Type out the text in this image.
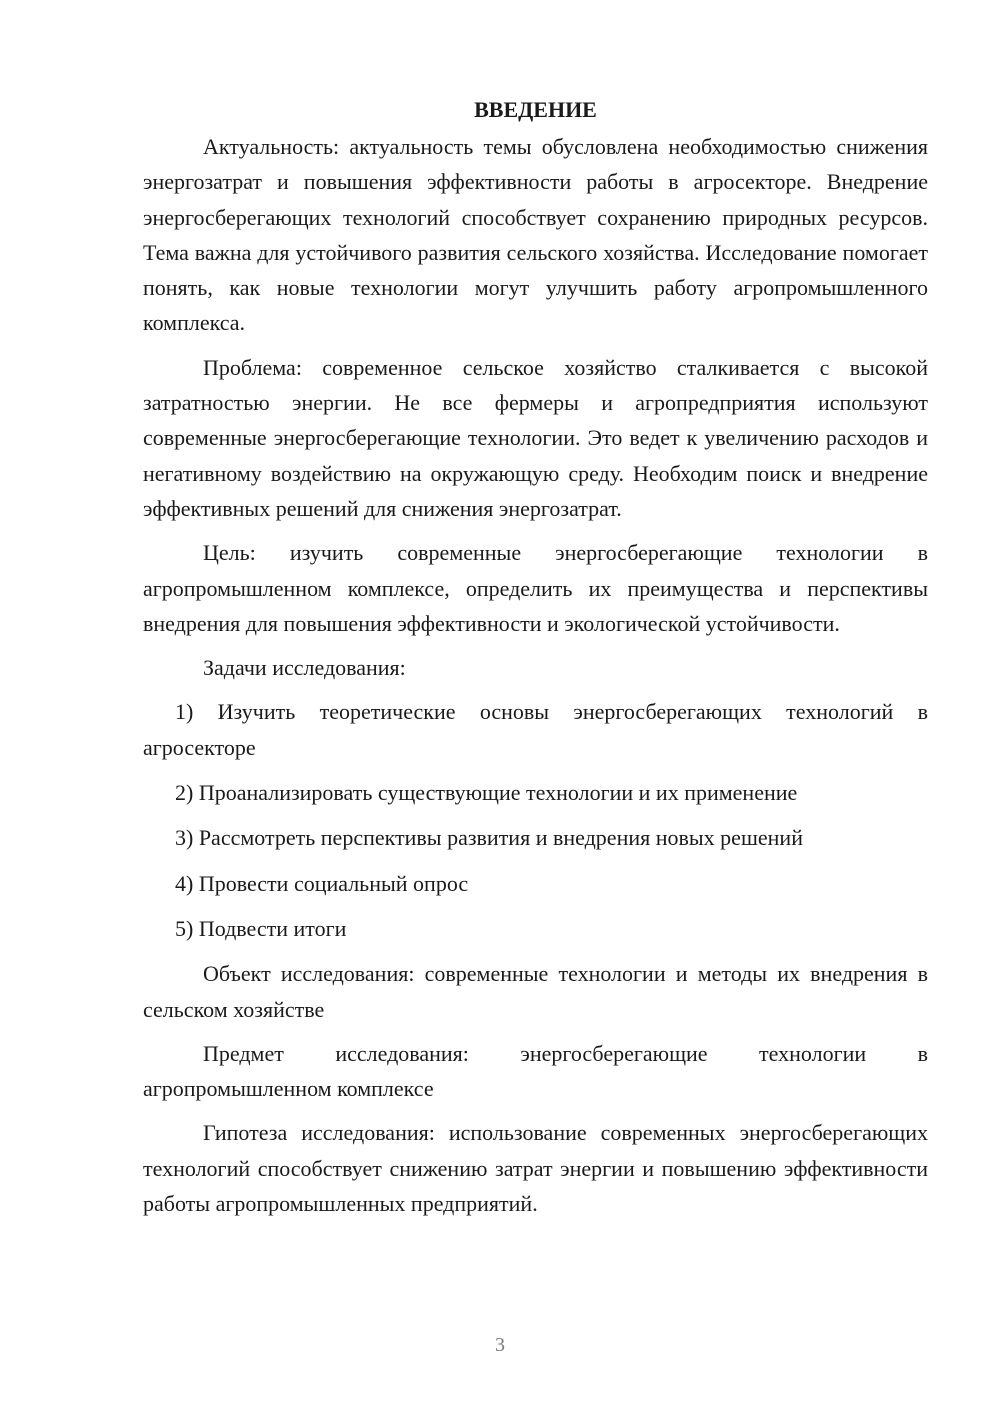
ВВЕДЕНИЕ

Актуальность: актуальность темы обусловлена необходимостью снижения энергозатрат и повышения эффективности работы в агросекторе. Внедрение энергосберегающих технологий способствует сохранению природных ресурсов. Тема важна для устойчивого развития сельского хозяйства. Исследование помогает понять, как новые технологии могут улучшить работу агропромышленного комплекса.

Проблема: современное сельское хозяйство сталкивается с высокой затратностью энергии. Не все фермеры и агропредприятия используют современные энергосберегающие технологии. Это ведет к увеличению расходов и негативному воздействию на окружающую среду. Необходим поиск и внедрение эффективных решений для снижения энергозатрат.

Цель: изучить современные энергосберегающие технологии в агропромышленном комплексе, определить их преимущества и перспективы внедрения для повышения эффективности и экологической устойчивости.

Задачи исследования:

1) Изучить теоретические основы энергосберегающих технологий в агросекторе

2) Проанализировать существующие технологии и их применение

3) Рассмотреть перспективы развития и внедрения новых решений

4) Провести социальный опрос

5) Подвести итоги

Объект исследования: современные технологии и методы их внедрения в сельском хозяйстве

Предмет исследования: энергосберегающие технологии в агропромышленном комплексе

Гипотеза исследования: использование современных энергосберегающих технологий способствует снижению затрат энергии и повышению эффективности работы агропромышленных предприятий.

3
